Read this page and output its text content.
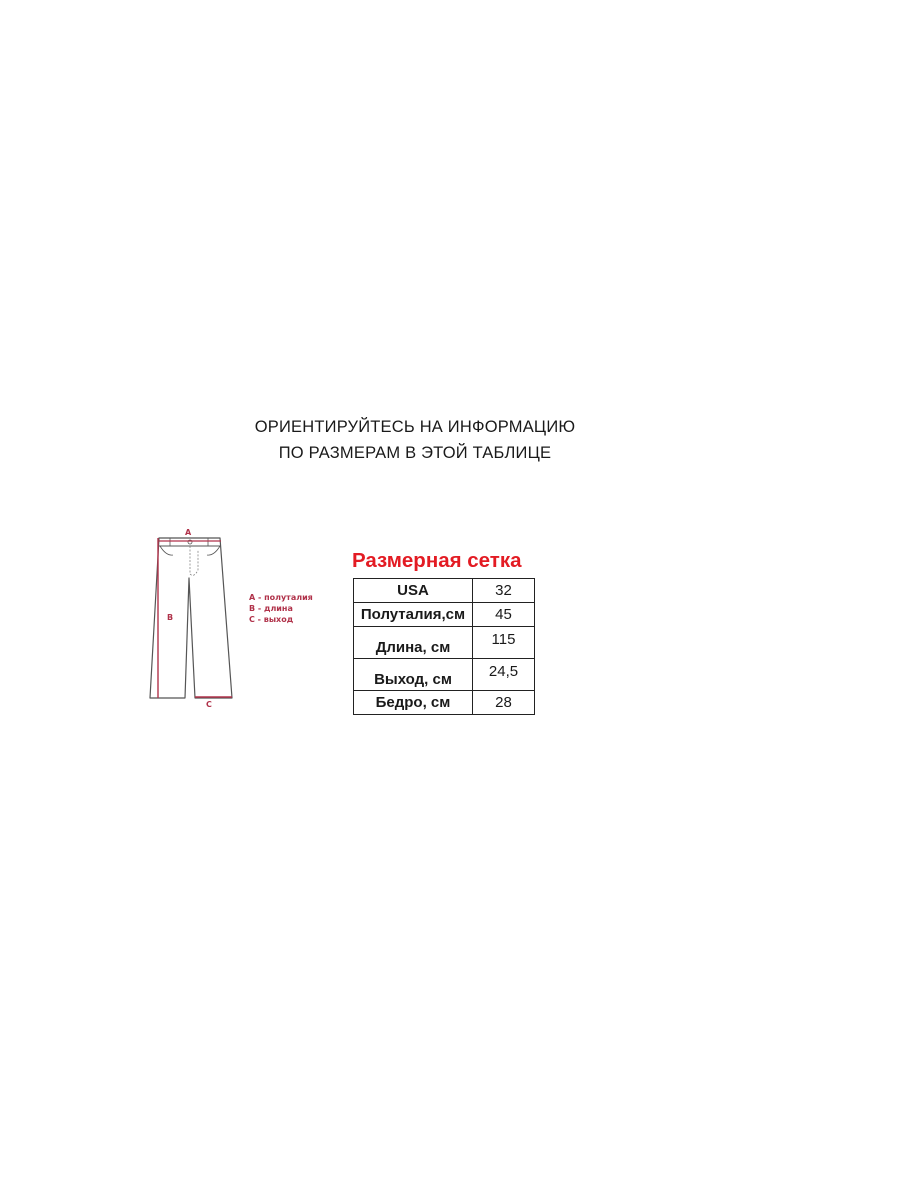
ОРИЕНТИРУЙТЕСЬ НА ИНФОРМАЦИЮ
ПО РАЗМЕРАМ В ЭТОЙ ТАБЛИЦЕ
A
B
C
A - полуталия
B - длина
C - выход
Размерная сетка
USA	32
Полуталия,см	45
Длина, см	115
Выход, см	24,5
Бедро, см	28
